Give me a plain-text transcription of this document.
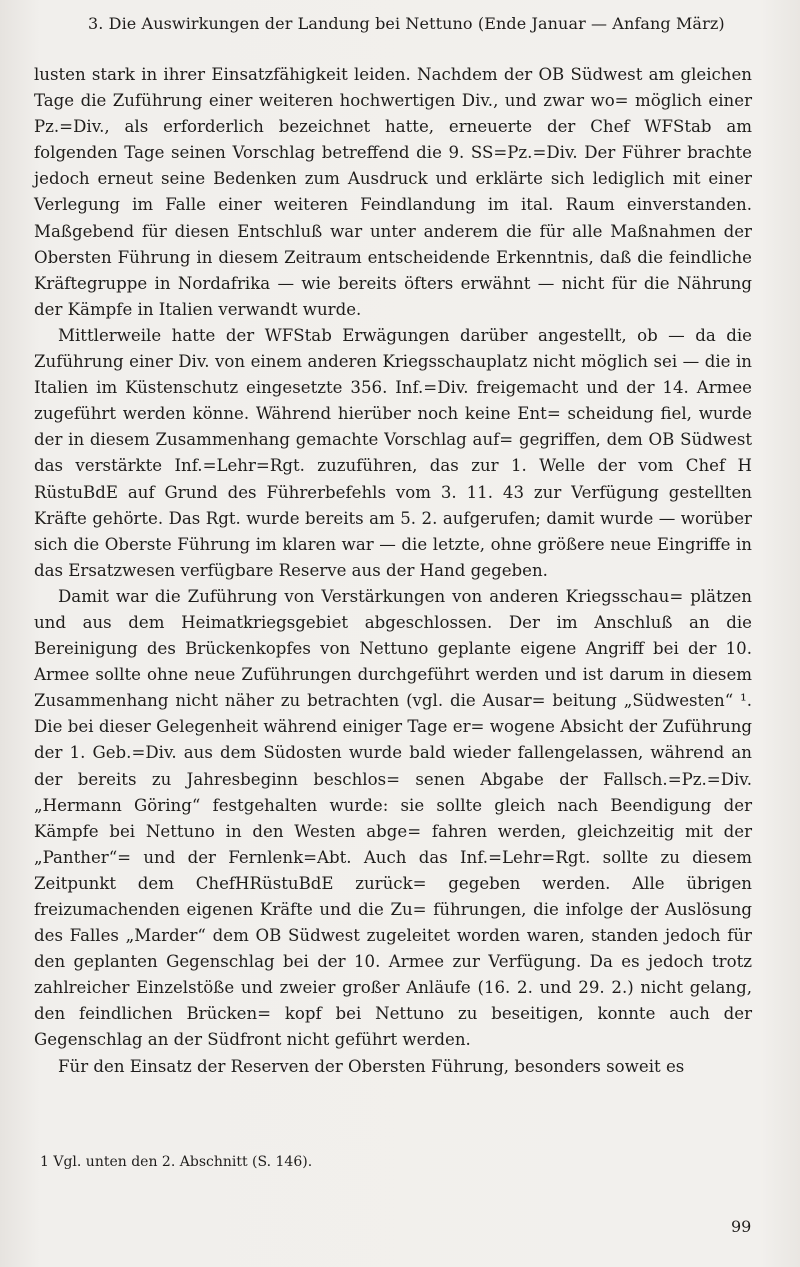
3. Die Auswirkungen der Landung bei Nettuno (Ende Januar — Anfang März)

lusten stark in ihrer Einsatzfähigkeit leiden. Nachdem der OB Südwest am gleichen Tage die Zuführung einer weiteren hochwertigen Div., und zwar wo= möglich einer Pz.=Div., als erforderlich bezeichnet hatte, erneuerte der Chef WFStab am folgenden Tage seinen Vorschlag betreffend die 9. SS=Pz.=Div. Der Führer brachte jedoch erneut seine Bedenken zum Ausdruck und erklärte sich lediglich mit einer Verlegung im Falle einer weiteren Feindlandung im ital. Raum einverstanden. Maßgebend für diesen Entschluß war unter anderem die für alle Maßnahmen der Obersten Führung in diesem Zeitraum entscheidende Erkenntnis, daß die feindliche Kräftegruppe in Nordafrika — wie bereits öfters erwähnt — nicht für die Nährung der Kämpfe in Italien verwandt wurde.

Mittlerweile hatte der WFStab Erwägungen darüber angestellt, ob — da die Zuführung einer Div. von einem anderen Kriegsschauplatz nicht möglich sei — die in Italien im Küstenschutz eingesetzte 356. Inf.=Div. freigemacht und der 14. Armee zugeführt werden könne. Während hierüber noch keine Ent= scheidung fiel, wurde der in diesem Zusammenhang gemachte Vorschlag auf= gegriffen, dem OB Südwest das verstärkte Inf.=Lehr=Rgt. zuzuführen, das zur 1. Welle der vom Chef H RüstuBdE auf Grund des Führerbefehls vom 3. 11. 43 zur Verfügung gestellten Kräfte gehörte. Das Rgt. wurde bereits am 5. 2. aufgerufen; damit wurde — worüber sich die Oberste Führung im klaren war — die letzte, ohne größere neue Eingriffe in das Ersatzwesen verfügbare Reserve aus der Hand gegeben.

Damit war die Zuführung von Verstärkungen von anderen Kriegsschau= plätzen und aus dem Heimatkriegsgebiet abgeschlossen. Der im Anschluß an die Bereinigung des Brückenkopfes von Nettuno geplante eigene Angriff bei der 10. Armee sollte ohne neue Zuführungen durchgeführt werden und ist darum in diesem Zusammenhang nicht näher zu betrachten (vgl. die Ausar= beitung „Südwesten“ ¹. Die bei dieser Gelegenheit während einiger Tage er= wogene Absicht der Zuführung der 1. Geb.=Div. aus dem Südosten wurde bald wieder fallengelassen, während an der bereits zu Jahresbeginn beschlos= senen Abgabe der Fallsch.=Pz.=Div. „Hermann Göring“ festgehalten wurde: sie sollte gleich nach Beendigung der Kämpfe bei Nettuno in den Westen abge= fahren werden, gleichzeitig mit der „Panther“= und der Fernlenk=Abt. Auch das Inf.=Lehr=Rgt. sollte zu diesem Zeitpunkt dem ChefHRüstuBdE zurück= gegeben werden. Alle übrigen freizumachenden eigenen Kräfte und die Zu= führungen, die infolge der Auslösung des Falles „Marder“ dem OB Südwest zugeleitet worden waren, standen jedoch für den geplanten Gegenschlag bei der 10. Armee zur Verfügung. Da es jedoch trotz zahlreicher Einzelstöße und zweier großer Anläufe (16. 2. und 29. 2.) nicht gelang, den feindlichen Brücken= kopf bei Nettuno zu beseitigen, konnte auch der Gegenschlag an der Südfront nicht geführt werden.

Für den Einsatz der Reserven der Obersten Führung, besonders soweit es

1 Vgl. unten den 2. Abschnitt (S. 146).
99
